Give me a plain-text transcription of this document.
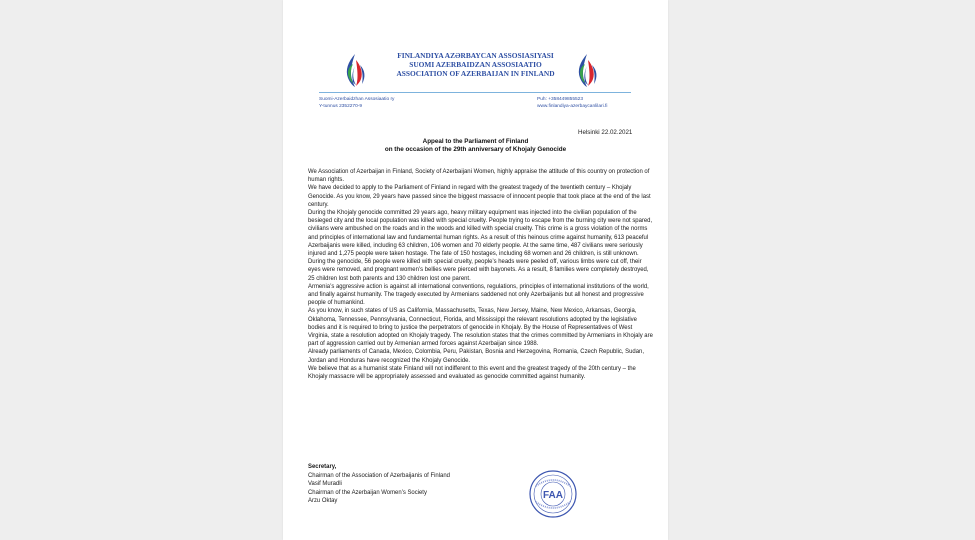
FINLANDIYA AZƏRBAYCAN ASSOSIASIYASI
SUOMI AZERBAIDZAN ASSOSIAATIO
ASSOCIATION OF AZERBAIJAN IN FINLAND
Suomi-Azerbaidzhan Assosiaatio ry	Puh: +358449855523
Y-tunnus 2352270-9	www.finlandiya-azerbaycanlilari.fi
Helsinki 22.02.2021
Appeal to the Parliament of Finland
on the occasion of the 29th anniversary of Khojaly Genocide

We Association of Azerbaijan in Finland, Society of Azerbaijani Women, highly appraise the attitude of this country on protection of human rights.

We have decided to apply to the Parliament of Finland in regard with the greatest tragedy of the twentieth century – Khojaly Genocide. As you know, 29 years have passed since the biggest massacre of innocent people that took place at the end of the last century.

During the Khojaly genocide committed 29 years ago, heavy military equipment was injected into the civilian population of the besieged city and the local population was killed with special cruelty. People trying to escape from the burning city were not spared, civilians were ambushed on the roads and in the woods and killed with special cruelty. This crime is a gross violation of the norms and principles of international law and fundamental human rights. As a result of this heinous crime against humanity, 613 peaceful Azerbaijanis were killed, including 63 children, 106 women and 70 elderly people. At the same time, 487 civilians were seriously injured and 1,275 people were taken hostage. The fate of 150 hostages, including 68 women and 26 children, is still unknown. During the genocide, 56 people were killed with special cruelty, people’s heads were peeled off, various limbs were cut off, their eyes were removed, and pregnant women’s bellies were pierced with bayonets. As a result, 8 families were completely destroyed, 25 children lost both parents and 130 children lost one parent.

Armenia’s aggressive action is against all international conventions, regulations, principles of international institutions of the world, and finally against humanity. The tragedy executed by Armenians saddened not only Azerbaijanis but all honest and progressive people of humankind.

As you know, in such states of US as California, Massachusetts, Texas, New Jersey, Maine, New Mexico, Arkansas, Georgia, Oklahoma, Tennessee, Pennsylvania, Connecticut, Florida, and Mississippi the relevant resolutions adopted by the legislative bodies and it is required to bring to justice the perpetrators of genocide in Khojaly. By the House of Representatives of West Virginia, state a resolution adopted on Khojaly tragedy. The resolution states that the crimes committed by Armenians in Khojaly are part of aggression carried out by Armenian armed forces against Azerbaijan since 1988.

Already parliaments of Canada, Mexico, Colombia, Peru, Pakistan, Bosnia and Herzegovina, Romania, Czech Republic, Sudan, Jordan and Honduras have recognized the Khojaly Genocide.

We believe that as a humanist state Finland will not indifferent to this event and the greatest tragedy of the 20th century – the Khojaly massacre will be appropriately assessed and evaluated as genocide committed against humanity.

Secretary,
Chairman of the Association of Azerbaijanis of Finland
Vasif Muradli
Chairman of the Azerbaijan Women’s Society
Arzu Oktay
FAA
